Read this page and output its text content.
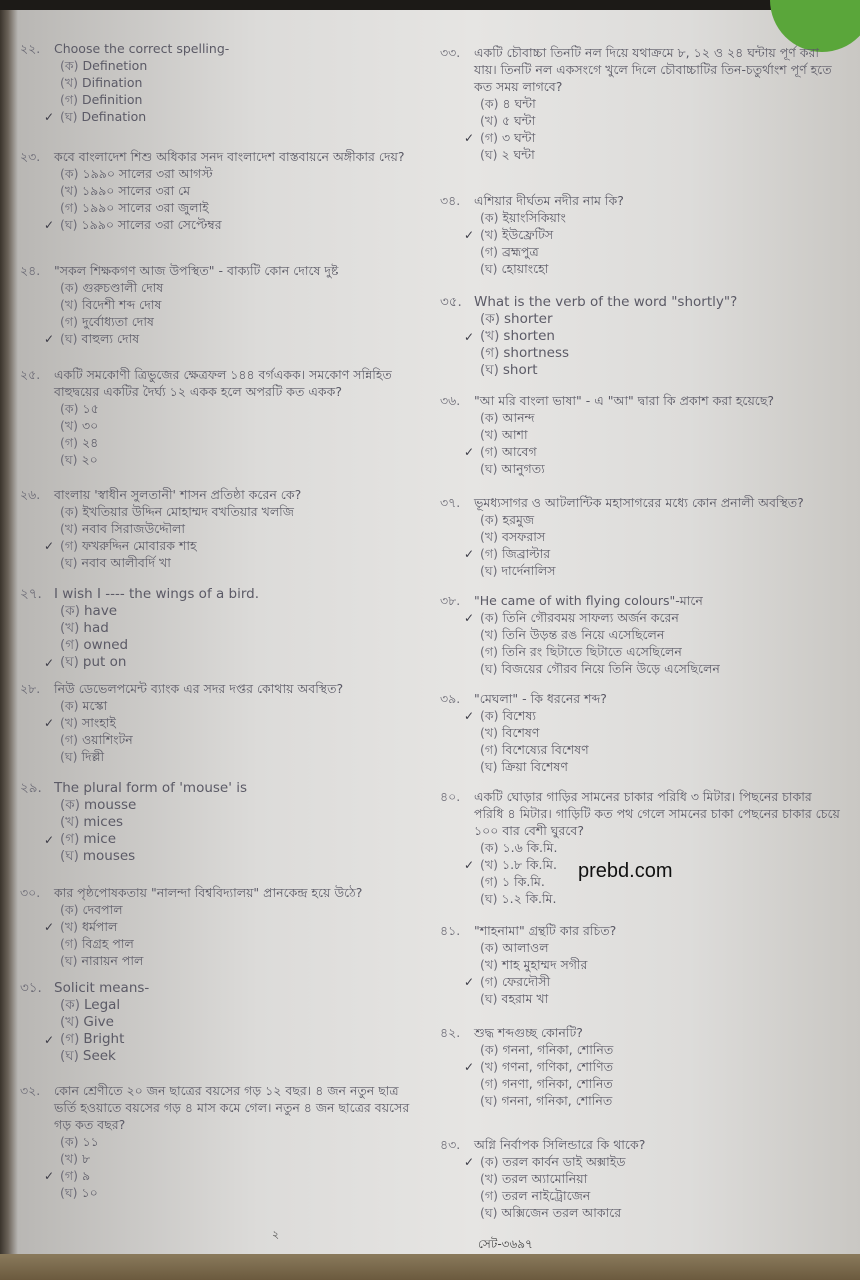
২২.	Choose the correct spelling-
(ক) Definetion
(খ) Difination
(গ) Definition
✓ (ঘ) Defination
২৩.	কবে বাংলাদেশ শিশু অধিকার সনদ বাংলাদেশ বাস্তবায়নে অঙ্গীকার দেয়?
(ক) ১৯৯০ সালের ৩রা আগস্ট
(খ) ১৯৯০ সালের ৩রা মে
(গ) ১৯৯০ সালের ৩রা জুলাই
✓ (ঘ) ১৯৯০ সালের ৩রা সেপ্টেম্বর
২৪.	"সকল শিক্ষকগণ আজ উপস্থিত" - বাক্যটি কোন দোষে দুষ্ট
(ক) গুরুচণ্ডালী দোষ
(খ) বিদেশী শব্দ দোষ
(গ) দুর্বোধ্যতা দোষ
✓ (ঘ) বাহুল্য দোষ
২৫.	একটি সমকোণী ত্রিভুজের ক্ষেত্রফল ১৪৪ বর্গএকক। সমকোণ সন্নিহিত বাহুদ্বয়ের একটির দৈর্ঘ্য ১২ একক হলে অপরটি কত একক?
(ক) ১৫
(খ) ৩০
(গ) ২৪
(ঘ) ২০
২৬.	বাংলায় 'স্বাধীন সুলতানী' শাসন প্রতিষ্ঠা করেন কে?
(ক) ইখতিয়ার উদ্দিন মোহাম্মদ বখতিয়ার খলজি
(খ) নবাব সিরাজউদ্দৌলা
✓ (গ) ফখরুদ্দিন মোবারক শাহ
(ঘ) নবাব আলীবর্দি খা
২৭. I wish I ---- the wings of a bird.
(ক) have
(খ) had
(গ) owned
✓ (ঘ) put on
২৮.	নিউ ডেভেলপমেন্ট ব্যাংক এর সদর দপ্তর কোথায় অবস্থিত?
(ক) মস্কো
✓ (খ) সাংহাই
(গ) ওয়াশিংটন
(ঘ) দিল্লী
২৯. The plural form of 'mouse' is
(ক) mousse
(খ) mices
✓ (গ) mice
(ঘ) mouses
৩০.	কার পৃষ্ঠপোষকতায় "নালন্দা বিশ্ববিদ্যালয়" প্রানকেন্দ্র হয়ে উঠে?
(ক) দেবপাল
✓ (খ) ধর্মপাল
(গ) বিগ্রহ পাল
(ঘ) নারায়ন পাল
৩১. Solicit means-
(ক) Legal
(খ) Give
✓ (গ) Bright
(ঘ) Seek
৩২.	কোন শ্রেণীতে ২০ জন ছাত্রের বয়সের গড় ১২ বছর। ৪ জন নতুন ছাত্র ভর্তি হওয়াতে বয়সের গড় ৪ মাস কমে গেল। নতুন ৪ জন ছাত্রের বয়সের গড় কত বছর?
(ক) ১১
(খ) ৮
✓ (গ) ৯
(ঘ) ১০
৩৩.	একটি চৌবাচ্চা তিনটি নল দিয়ে যথাক্রমে ৮, ১২ ও ২৪ ঘন্টায় পূর্ণ করা যায়। তিনটি নল একসংগে খুলে দিলে চৌবাচ্চাটির তিন-চতুর্থাংশ পূর্ণ হতে কত সময় লাগবে?
(ক) ৪ ঘন্টা
(খ) ৫ ঘন্টা
✓ (গ) ৩ ঘন্টা
(ঘ) ২ ঘন্টা
৩৪.	এশিয়ার দীর্ঘতম নদীর নাম কি?
(ক) ইয়াংসিকিয়াং
✓ (খ) ইউফ্রেটিস
(গ) ব্রহ্মপুত্র
(ঘ) হোয়াংহো
৩৫. What is the verb of the word "shortly"?
(ক) shorter
✓ (খ) shorten
(গ) shortness
(ঘ) short
৩৬.	"আ মরি বাংলা ভাষা" - এ "আ" দ্বারা কি প্রকাশ করা হয়েছে?
(ক) আনন্দ
(খ) আশা
✓ (গ) আবেগ
(ঘ) আনুগত্য
৩৭.	ভূমধ্যসাগর ও আটলান্টিক মহাসাগরের মধ্যে কোন প্রনালী অবস্থিত?
(ক) হরমুজ
(খ) বসফরাস
✓ (গ) জিব্রাল্টার
(ঘ) দার্দেনালিস
৩৮.	"He came of with flying colours"-মানে
✓ (ক) তিনি গৌরবময় সাফল্য অর্জন করেন
(খ) তিনি উড়ন্ত রঙ নিয়ে এসেছিলেন
(গ) তিনি রং ছিটাতে ছিটাতে এসেছিলেন
(ঘ) বিজয়ের গৌরব নিয়ে তিনি উড়ে এসেছিলেন
৩৯.	"মেঘলা" - কি ধরনের শব্দ?
✓ (ক) বিশেষ্য
(খ) বিশেষণ
(গ) বিশেষ্যের বিশেষণ
(ঘ) ক্রিয়া বিশেষণ
৪০.	একটি ঘোড়ার গাড়ির সামনের চাকার পরিধি ৩ মিটার। পিছনের চাকার পরিধি ৪ মিটার। গাড়িটি কত পথ গেলে সামনের চাকা পেছনের চাকার চেয়ে ১০০ বার বেশী ঘুরবে?
(ক) ১.৬ কি.মি.
✓ (খ) ১.৮ কি.মি.
(গ) ১ কি.মি.
(ঘ) ১.২ কি.মি.
৪১.	"শাহনামা" গ্রন্থটি কার রচিত?
(ক) আলাওল
(খ) শাহ মুহাম্মদ সগীর
✓ (গ) ফেরদৌসী
(ঘ) বহরাম খা
৪২.	শুদ্ধ শব্দগুচ্ছ কোনটি?
(ক) গননা, গনিকা, শোনিত
✓ (খ) গণনা, গণিকা, শোণিত
(গ) গনণা, গনিকা, শোনিত
(ঘ) গননা, গনিকা, শোনিত
৪৩.	অগ্নি নির্বাপক সিলিন্ডারে কি থাকে?
✓ (ক) তরল কার্বন ডাই অক্সাইড
(খ) তরল অ্যামোনিয়া
(গ) তরল নাইট্রোজেন
(ঘ) অক্সিজেন তরল আকারে
prebd.com
২
সেট-৩৬৯৭
